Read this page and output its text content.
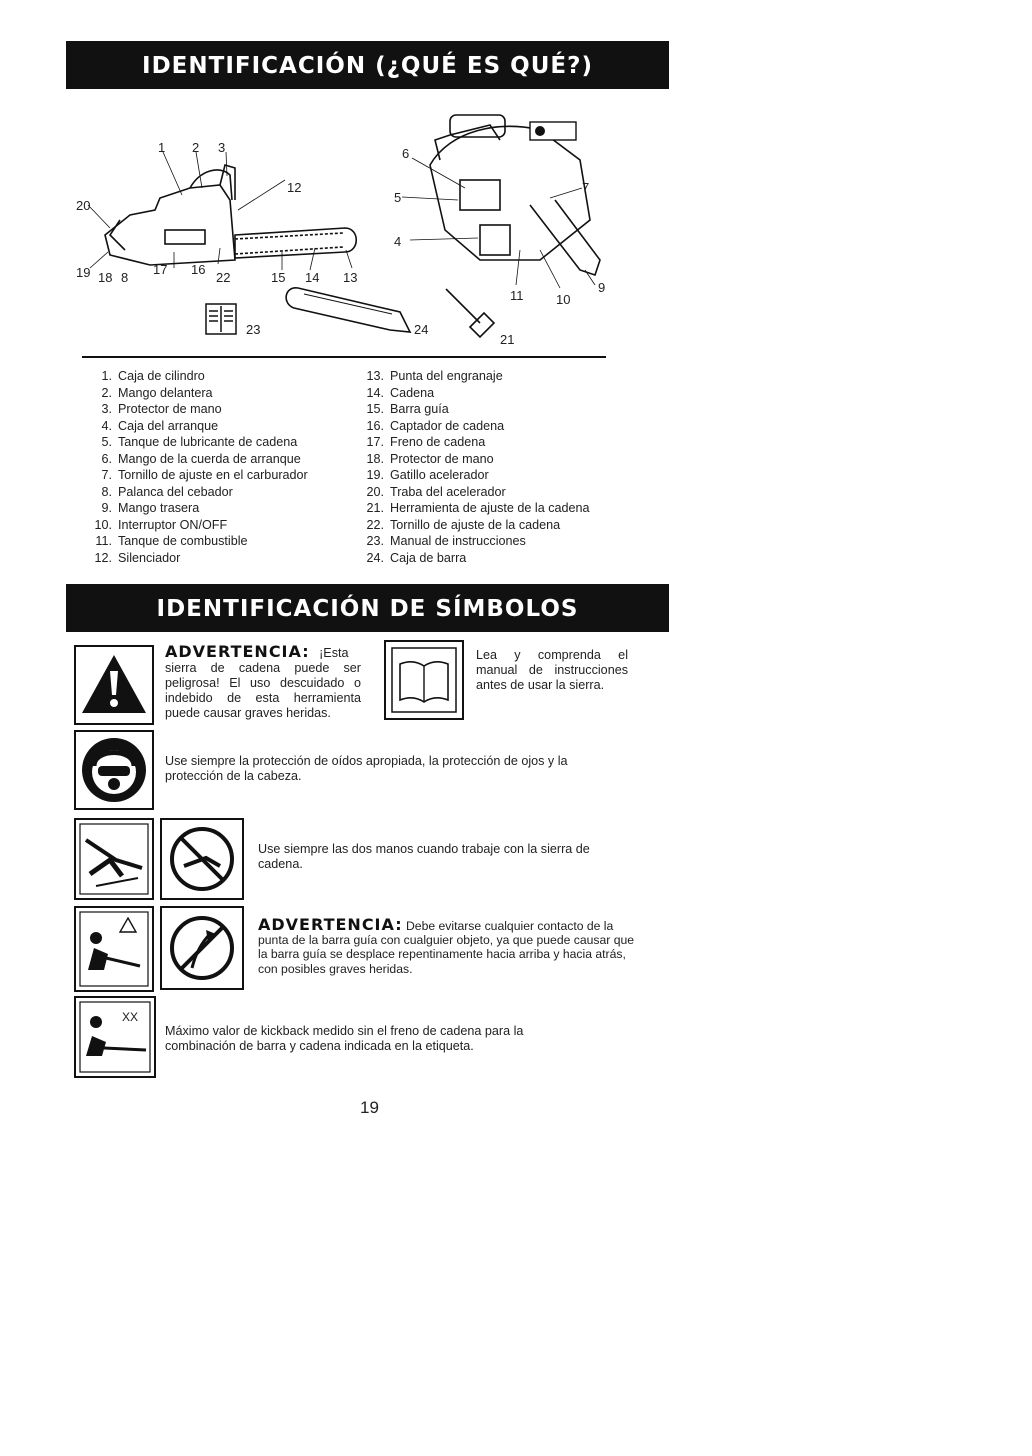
IDENTIFICACIÓN (¿QUÉ ES QUÉ?)
1 2 3
12
20
19 18 8
17 16
22	15 14 13
23
6
5
4
7
9
11	10
24
21
1. Caja de cilindro
2. Mango delantera
3. Protector de mano
4. Caja del arranque
5. Tanque de lubricante de cadena
6. Mango de la cuerda de arranque
7. Tornillo de ajuste en el carburador
8. Palanca del cebador
9. Mango trasera
10. Interruptor ON/OFF
11. Tanque de combustible
12. Silenciador
13. Punta del engranaje
14. Cadena
15. Barra guía
16. Captador de cadena
17. Freno de cadena
18. Protector de mano
19. Gatillo acelerador
20. Traba del acelerador
21. Herramienta de ajuste de la cadena
22. Tornillo de ajuste de la cadena
23. Manual de instrucciones
24. Caja de barra
IDENTIFICACIÓN DE SÍMBOLOS
ADVERTENCIA: ¡Esta
sierra de cadena puede ser peligrosa! El uso descuidado o indebido de esta herramienta puede causar graves heridas.
Lea y comprenda el manual de instrucciones antes de usar la sierra.
Use siempre la protección de oídos apropiada, la protección de ojos y la protección de la cabeza.
Use siempre las dos manos cuando trabaje con la sierra de cadena.
ADVERTENCIA: Debe evitarse cualquier contacto de la punta de la barra guía con cualguier objeto, ya que puede causar que la barra guía se desplace repentinamente hacia arriba y hacia atrás, con posibles graves heridas.
XX
Máximo valor de kickback medido sin el freno de cadena para la combinación de barra y cadena indicada en la etiqueta.
19
